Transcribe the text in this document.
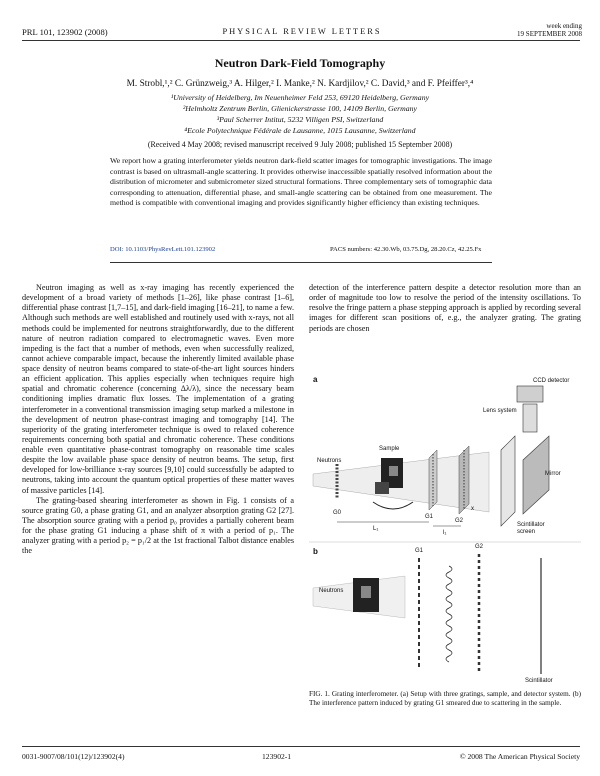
PRL 101, 123902 (2008)	PHYSICAL REVIEW LETTERS
week ending
19 SEPTEMBER 2008
Neutron Dark-Field Tomography
M. Strobl,¹,² C. Grünzweig,³ A. Hilger,² I. Manke,² N. Kardjilov,² C. David,³ and F. Pfeiffer³,⁴
¹University of Heidelberg, Im Neuenheimer Feld 253, 69120 Heidelberg, Germany
²Helmholtz Zentrum Berlin, Glienickerstrasse 100, 14109 Berlin, Germany
³Paul Scherrer Intitut, 5232 Villigen PSI, Switzerland
⁴Ecole Polytechnique Fédérale de Lausanne, 1015 Lausanne, Switzerland
(Received 4 May 2008; revised manuscript received 9 July 2008; published 15 September 2008)
We report how a grating interferometer yields neutron dark-field scatter images for tomographic investigations. The image contrast is based on ultrasmall-angle scattering. It provides otherwise inaccessible spatially resolved information about the distribution of micrometer and submicrometer sized structural formations. Three complementary sets of tomographic data corresponding to attenuation, differential phase, and small-angle scattering can be obtained from one measurement. The method is compatible with conventional imaging and provides significantly higher efficiency than existing techniques.
DOI: 10.1103/PhysRevLett.101.123902	PACS numbers: 42.30.Wb, 03.75.Dg, 28.20.Cz, 42.25.Fx

Neutron imaging as well as x-ray imaging has recently experienced the development of a broad variety of methods [1–26], like phase contrast [1–6], differential phase contrast [1,7–15], and dark-field imaging [16–21], to name a few. Although such methods are well established and routinely used with x-rays, not all methods could be implemented for neutrons straightforwardly, due to the different nature of neutron radiation compared to electromagnetic waves. Even more impeding is the fact that a number of methods, even when successfully realized, cannot achieve comparable impact, because the inherently limited available phase space density of neutron beams compared to state-of-the-art light sources hinders an efficient application. This applies especially when techniques require high spatial and chromatic coherence (concerning Δλ/λ), since the necessary beam conditioning implies dramatic flux losses. The implementation of a grating interferometer in a conventional transmission imaging setup marked a milestone in the development of neutron phase-contrast imaging and tomography [14]. The superiority of the grating interferometer technique is owed to relaxed coherence requirements concerning both spatial and chromatic coherence. These conditions enable even quantitative phase-contrast tomography on reasonable time scales despite the low available phase space density of neutron beams. The setup, first developed for low-brilliance x-ray sources [9,10] could successfully be adapted to neutrons, taking into account the quantum optical properties of these matter waves of massive particles [14].

The grating-based shearing interferometer as shown in Fig. 1 consists of a source grating G0, a phase grating G1, and an analyzer absorption grating G2 [27]. The absorption source grating with a period p₀ provides a partially coherent beam for the phase grating G1 inducing a phase shift of π with a period of p₁. The analyzer grating with a period p₂ = p₁/2 at the 1st fractional Talbot distance enables the

detection of the interference pattern despite a detector resolution more than an order of magnitude too low to resolve the period of the intensity oscillations. To resolve the fringe pattern a phase stepping approach is applied by recording several images for different scan positions of, e.g., the analyzer grating. The grating periods are chosen

a	CCD detector
Lens system
Mirror
Scintillator
screen
Neutrons
G0
Sample
G1
G2
L₁
l₁
x
b	G1
G2
Neutrons
Scintillator
FIG. 1. Grating interferometer. (a) Setup with three gratings, sample, and detector system. (b) The interference pattern induced by grating G1 smeared due to scattering in the sample.
0031-9007/08/101(12)/123902(4)	123902-1	© 2008 The American Physical Society
